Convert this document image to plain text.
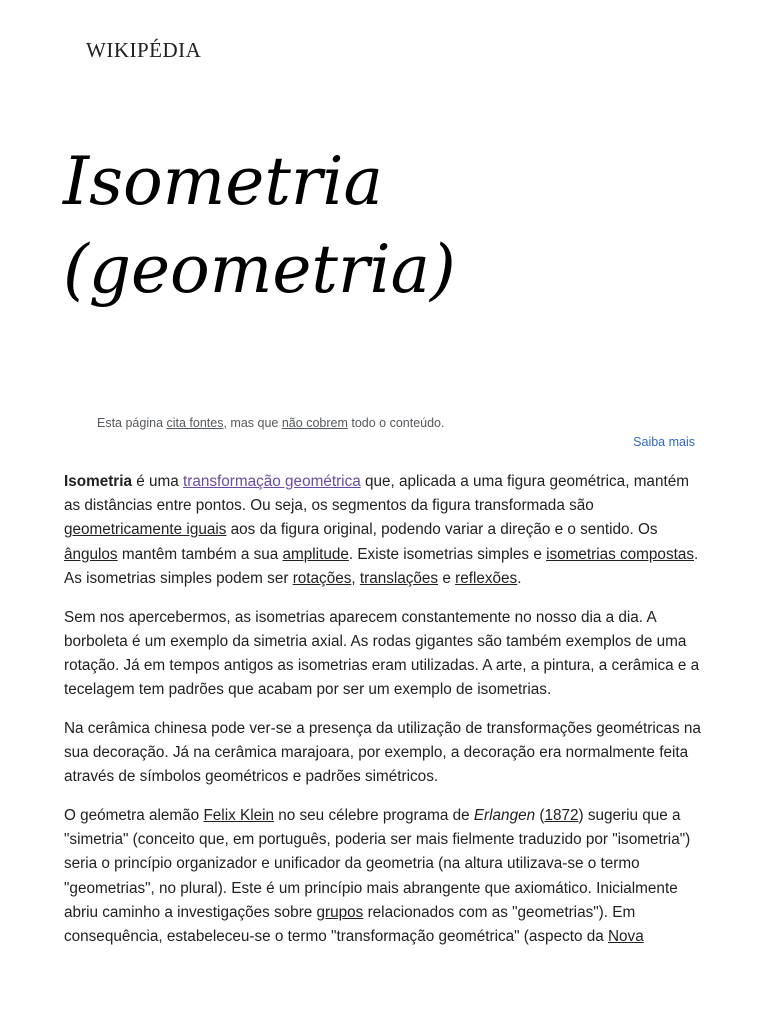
WIKIPÉDIA
Isometria
(geometria)
Esta página cita fontes, mas que não cobrem todo o conteúdo.
Saiba mais

Isometria é uma transformação geométrica que, aplicada a uma figura geométrica, mantém as distâncias entre pontos. Ou seja, os segmentos da figura transformada são geometricamente iguais aos da figura original, podendo variar a direção e o sentido. Os ângulos mantêm também a sua amplitude. Existe isometrias simples e isometrias compostas. As isometrias simples podem ser rotações, translações e reflexões.

Sem nos apercebermos, as isometrias aparecem constantemente no nosso dia a dia. A borboleta é um exemplo da simetria axial. As rodas gigantes são também exemplos de uma rotação. Já em tempos antigos as isometrias eram utilizadas. A arte, a pintura, a cerâmica e a tecelagem tem padrões que acabam por ser um exemplo de isometrias.

Na cerâmica chinesa pode ver-se a presença da utilização de transformações geométricas na sua decoração. Já na cerâmica marajoara, por exemplo, a decoração era normalmente feita através de símbolos geométricos e padrões simétricos.

O geómetra alemão Felix Klein no seu célebre programa de Erlangen (1872) sugeriu que a "simetria" (conceito que, em português, poderia ser mais fielmente traduzido por "isometria") seria o princípio organizador e unificador da geometria (na altura utilizava-se o termo "geometrias", no plural). Este é um princípio mais abrangente que axiomático. Inicialmente abriu caminho a investigações sobre grupos relacionados com as "geometrias"). Em consequência, estabeleceu-se o termo "transformação geométrica" (aspecto da Nova
